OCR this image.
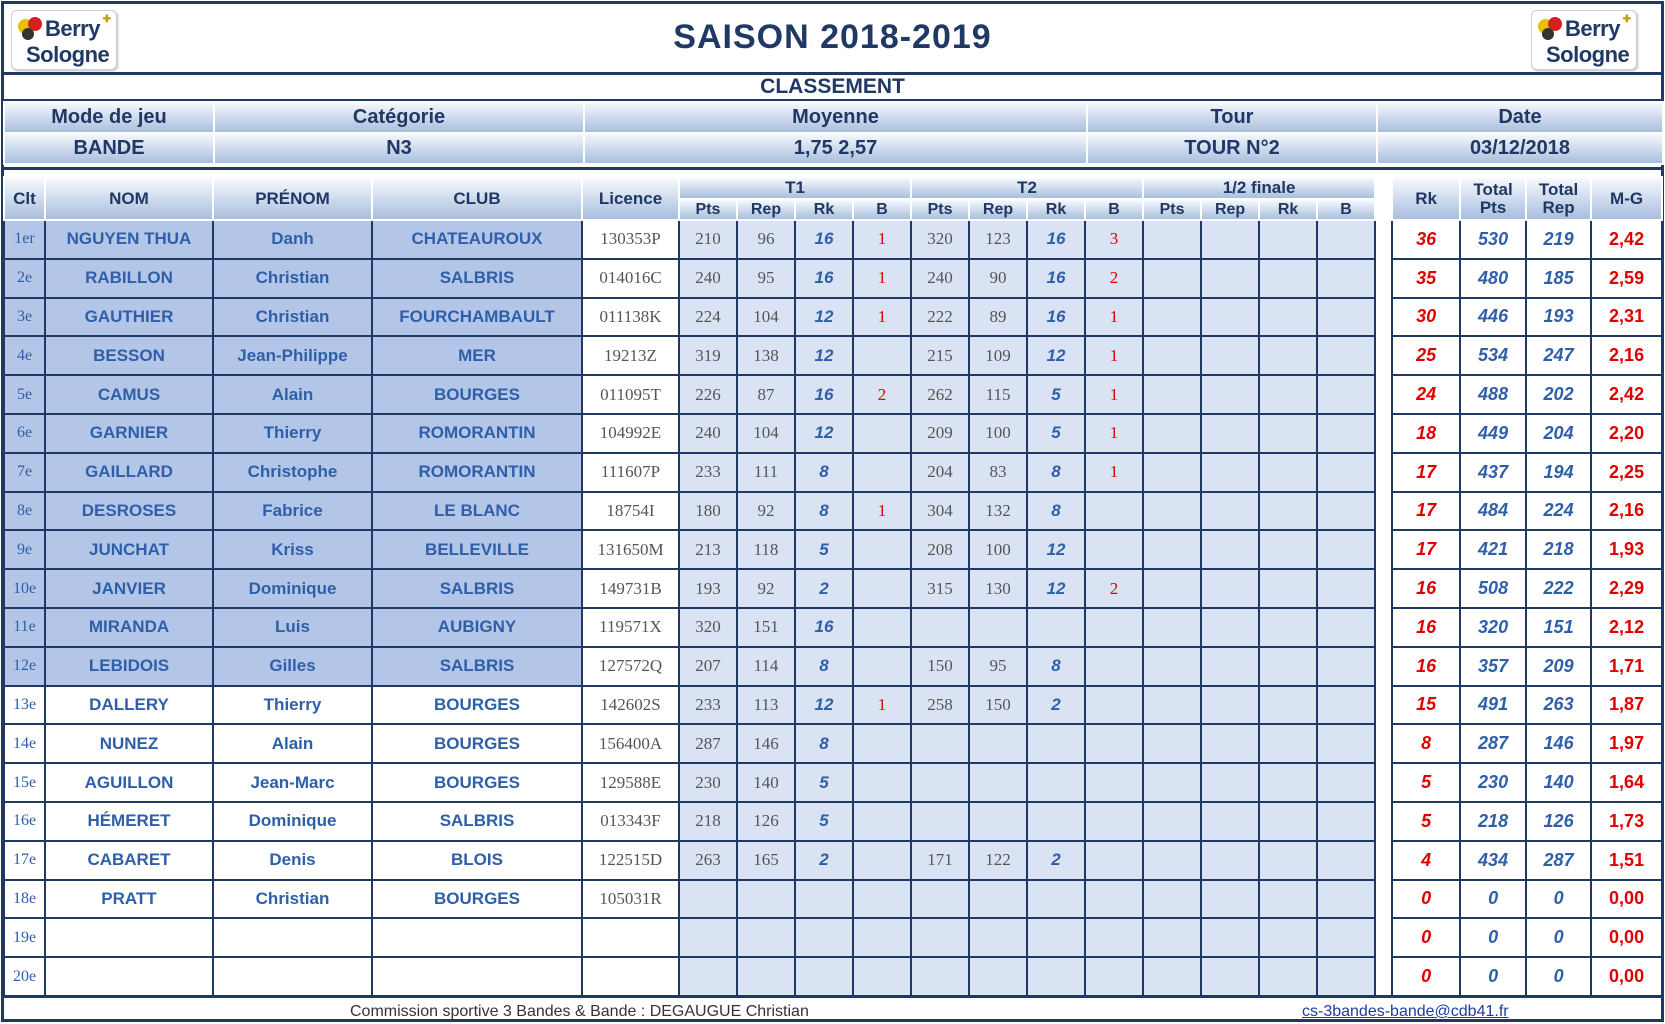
Berry
Sologne
✚	Berry
Sologne
✚
SAISON 2018-2019
CLASSEMENT
Mode de jeu	Catégorie	Moyenne	Tour	Date
BANDE	N3	1,75 2,57	TOUR N°2	03/12/2018
Clt	NOM	PRÉNOM	CLUB	Licence	T1				T2				1/2 finale					Rk	Total Pts	Total Rep	M-G
					Pts	Rep	Rk	B	Pts	Rep	Rk	B	Pts	Rep	Rk	B					
1er	NGUYEN THUA	Danh	CHATEAUROUX	130353P	210	96	16	1	320	123	16	3						36	530	219	2,42
2e	RABILLON	Christian	SALBRIS	014016C	240	95	16	1	240	90	16	2						35	480	185	2,59
3e	GAUTHIER	Christian	FOURCHAMBAULT	011138K	224	104	12	1	222	89	16	1						30	446	193	2,31
4e	BESSON	Jean-Philippe	MER	19213Z	319	138	12		215	109	12	1						25	534	247	2,16
5e	CAMUS	Alain	BOURGES	011095T	226	87	16	2	262	115	5	1						24	488	202	2,42
6e	GARNIER	Thierry	ROMORANTIN	104992E	240	104	12		209	100	5	1						18	449	204	2,20
7e	GAILLARD	Christophe	ROMORANTIN	111607P	233	111	8		204	83	8	1						17	437	194	2,25
8e	DESROSES	Fabrice	LE BLANC	18754I	180	92	8	1	304	132	8							17	484	224	2,16
9e	JUNCHAT	Kriss	BELLEVILLE	131650M	213	118	5		208	100	12							17	421	218	1,93
10e	JANVIER	Dominique	SALBRIS	149731B	193	92	2		315	130	12	2						16	508	222	2,29
11e	MIRANDA	Luis	AUBIGNY	119571X	320	151	16											16	320	151	2,12
12e	LEBIDOIS	Gilles	SALBRIS	127572Q	207	114	8		150	95	8							16	357	209	1,71
13e	DALLERY	Thierry	BOURGES	142602S	233	113	12	1	258	150	2							15	491	263	1,87
14e	NUNEZ	Alain	BOURGES	156400A	287	146	8											8	287	146	1,97
15e	AGUILLON	Jean-Marc	BOURGES	129588E	230	140	5											5	230	140	1,64
16e	HÉMERET	Dominique	SALBRIS	013343F	218	126	5											5	218	126	1,73
17e	CABARET	Denis	BLOIS	122515D	263	165	2		171	122	2							4	434	287	1,51
18e	PRATT	Christian	BOURGES	105031R														0	0	0	0,00
19e																		0	0	0	0,00
20e																		0	0	0	0,00
Commission sportive 3 Bandes & Bande : DEGAUGUE Christian	cs-3bandes-bande@cdb41.fr
